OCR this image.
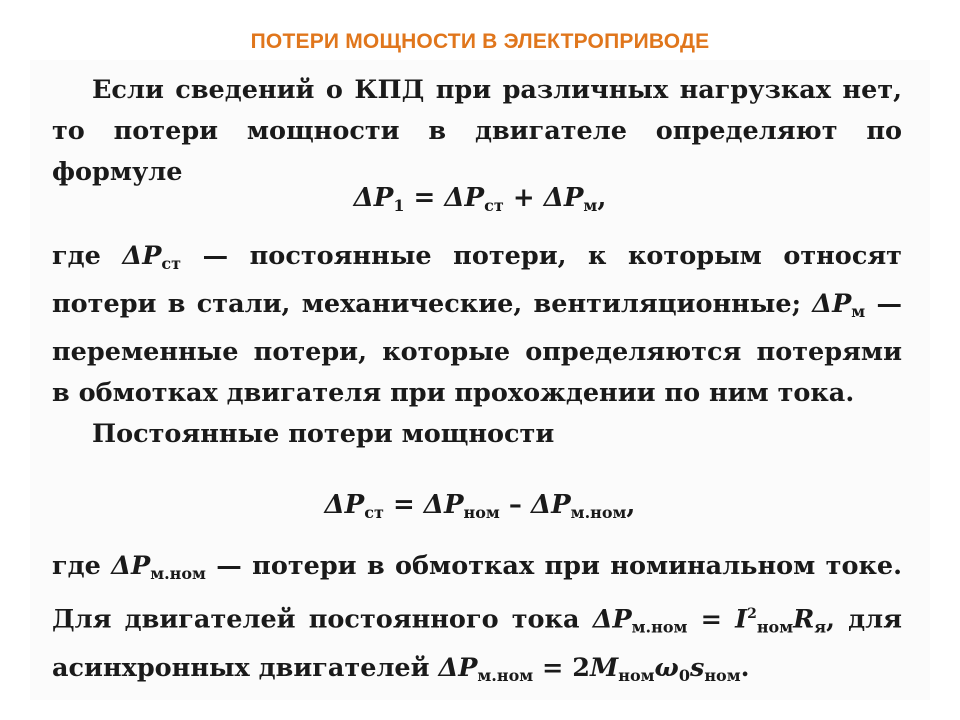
ПОТЕРИ МОЩНОСТИ В ЭЛЕКТРОПРИВОДЕ
Если сведений о КПД при различных нагрузках нет, то потери мощности в двигателе определяют по формуле
$\Delta P_1 = \Delta P_{ст} + \Delta P_м$,
где $\Delta P_{ст}$ — постоянные потери, к которым относят потери в стали, механические, вентиляционные; $\Delta P_м$ — переменные потери, которые определяются потерями в обмотках двигателя при прохождении по ним тока.
Постоянные потери мощности
$\Delta P_{ст} = \Delta P_{ном} - \Delta P_{м.ном}$,
где $\Delta P_{м.ном}$ — потери в обмотках при номинальном токе. Для двигателей постоянного тока $\Delta P_{м.ном} = I^2_{ном}R_я$, для асинхронных двигателей $\Delta P_{м.ном} = 2M_{ном}\omega_0s_{ном}$.
